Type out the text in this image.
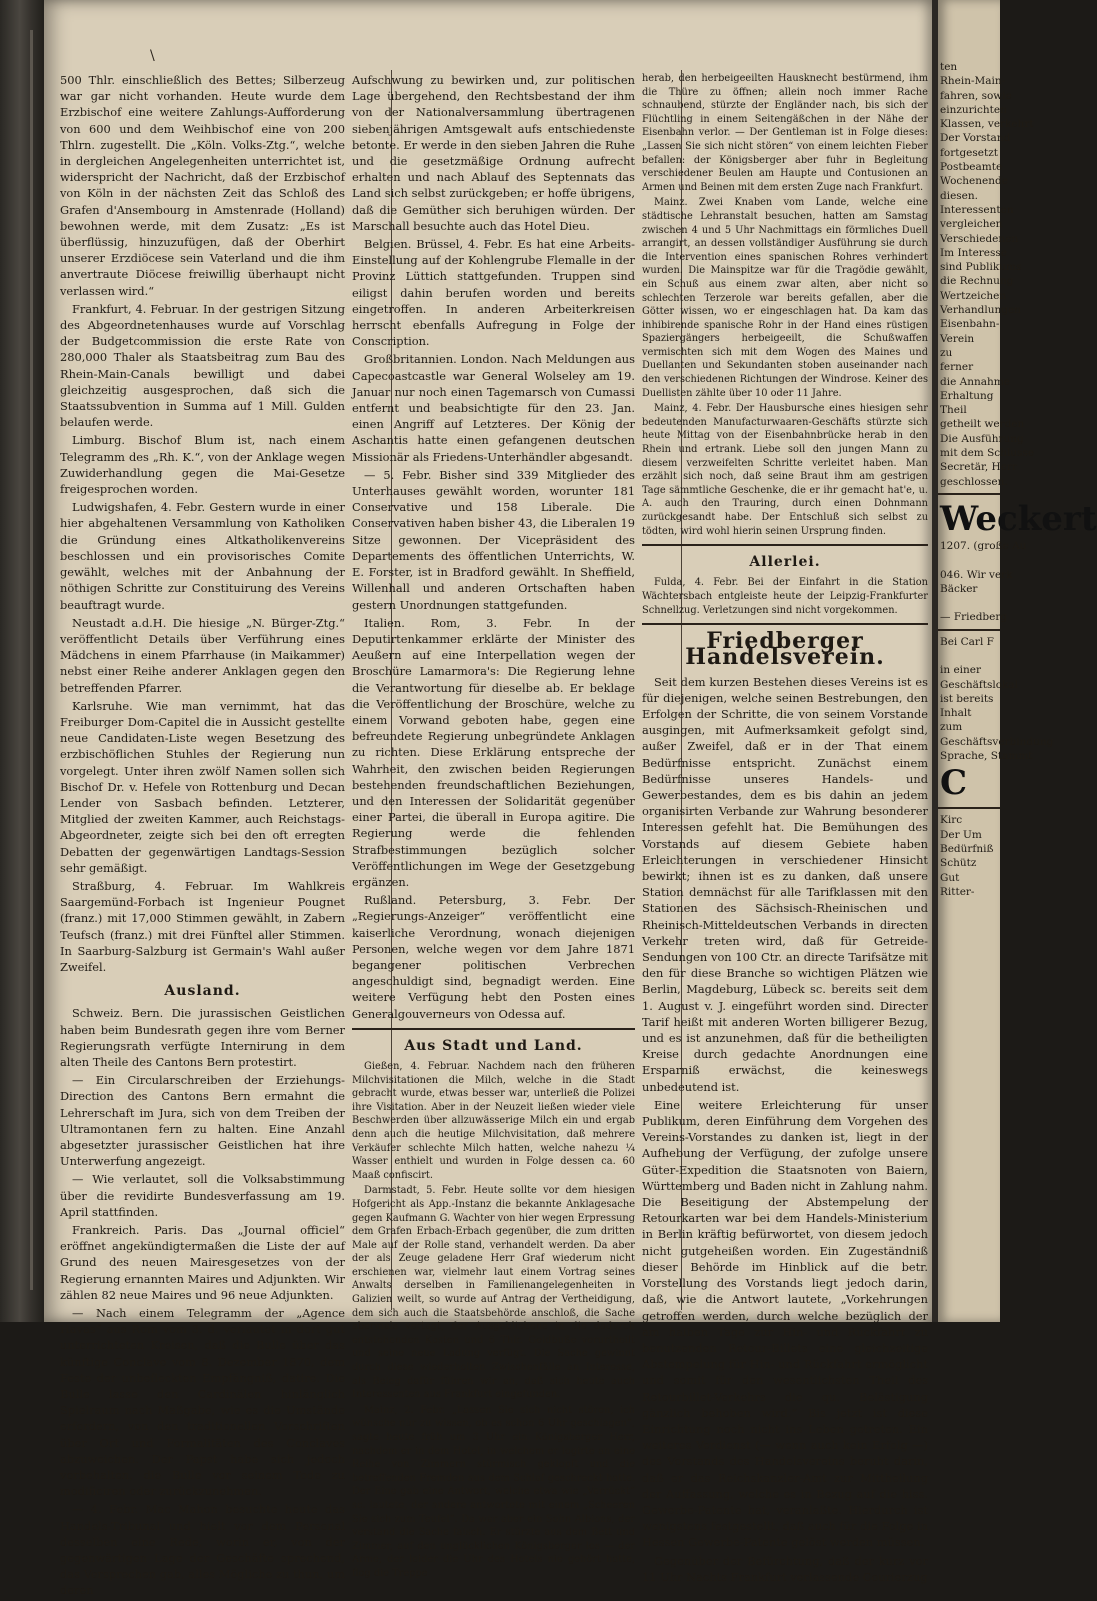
\

500 Thlr. einschließlich des Bettes; Silberzeug war gar nicht vorhanden. Heute wurde dem Erzbischof eine weitere Zahlungs-Aufforderung von 600 und dem Weihbischof eine von 200 Thlrn. zugestellt. Die „Köln. Volks-Ztg.“, welche in dergleichen Angelegenheiten unterrichtet ist, widerspricht der Nachricht, daß der Erzbischof von Köln in der nächsten Zeit das Schloß des Grafen d'Ansembourg in Amstenrade (Holland) bewohnen werde, mit dem Zusatz: „Es ist überflüssig, hinzuzufügen, daß der Oberhirt unserer Erzdiöcese sein Vaterland und die ihm anvertraute Diöcese freiwillig überhaupt nicht verlassen wird.“

Frankfurt, 4. Februar. In der gestrigen Sitzung des Abgeordnetenhauses wurde auf Vorschlag der Budgetcommission die erste Rate von 280,000 Thaler als Staatsbeitrag zum Bau des Rhein-Main-Canals bewilligt und dabei gleichzeitig ausgesprochen, daß sich die Staatssubvention in Summa auf 1 Mill. Gulden belaufen werde.

Limburg. Bischof Blum ist, nach einem Telegramm des „Rh. K.“, von der Anklage wegen Zuwiderhandlung gegen die Mai-Gesetze freigesprochen worden.

Ludwigshafen, 4. Febr. Gestern wurde in einer hier abgehaltenen Versammlung von Katholiken die Gründung eines Altkatholikenvereins beschlossen und ein provisorisches Comite gewählt, welches mit der Anbahnung der nöthigen Schritte zur Constituirung des Vereins beauftragt wurde.

Neustadt a.d.H. Die hiesige „N. Bürger-Ztg.“ veröffentlicht Details über Verführung eines Mädchens in einem Pfarrhause (in Maikammer) nebst einer Reihe anderer Anklagen gegen den betreffenden Pfarrer.

Karlsruhe. Wie man vernimmt, hat das Freiburger Dom-Capitel die in Aussicht gestellte neue Candidaten-Liste wegen Besetzung des erzbischöflichen Stuhles der Regierung nun vorgelegt. Unter ihren zwölf Namen sollen sich Bischof Dr. v. Hefele von Rottenburg und Decan Lender von Sasbach befinden. Letzterer, Mitglied der zweiten Kammer, auch Reichstags-Abgeordneter, zeigte sich bei den oft erregten Debatten der gegenwärtigen Landtags-Session sehr gemäßigt.

Straßburg, 4. Februar. Im Wahlkreis Saargemünd-Forbach ist Ingenieur Pougnet (franz.) mit 17,000 Stimmen gewählt, in Zabern Teufsch (franz.) mit drei Fünftel aller Stimmen. In Saarburg-Salzburg ist Germain's Wahl außer Zweifel.

Ausland.

Schweiz. Bern. Die jurassischen Geistlichen haben beim Bundesrath gegen ihre vom Berner Regierungsrath verfügte Internirung in dem alten Theile des Cantons Bern protestirt.

— Ein Circularschreiben der Erziehungs-Direction des Cantons Bern ermahnt die Lehrerschaft im Jura, sich von dem Treiben der Ultramontanen fern zu halten. Eine Anzahl abgesetzter jurassischer Geistlichen hat ihre Unterwerfung angezeigt.

— Wie verlautet, soll die Volksabstimmung über die revidirte Bundesverfassung am 19. April stattfinden.

Frankreich. Paris. Das „Journal officiel“ eröffnet angekündigtermaßen die Liste der auf Grund des neuen Mairesgesetzes von der Regierung ernannten Maires und Adjunkten. Wir zählen 82 neue Maires und 96 neue Adjunkten.

— Nach einem Telegramm der „Agence Havas“ aus Rom vom 3. d. verlautet in dort gut unterrichteten Kreisen, daß die Bulle über das künftige Conclave vom 8. Dezember 1870, dem Feste der unbefleckten Empfängniß, datire. Die Bulle lasse den Cardinälen hinlänglich Spielraum nach Maßgabe, wie es die Umstände erfordern, von den traditionellen Vorschriften über Ort und Formalitäten des Conclaves abzuweichen. Der Papst habe sich jedoch vorbehalten, die Bulle vor seinem Tode zu modificiren oder zurückzunehmen.

— 4. Febr. Mac Mahon besuchte heute das Handels-Tribunal und hielt vor dem Personal desselben eine Rede, worin er, von der gegenwärtigen Lage der Geschäfte sprechend, das Versprechen gab, alles Mögliche zu thun, um deren

Aufschwung zu bewirken und, zur politischen Lage übergehend, den Rechtsbestand der ihm von der Nationalversammlung übertragenen siebenjährigen Amtsgewalt aufs entschiedenste betonte. Er werde in den sieben Jahren die Ruhe und die gesetzmäßige Ordnung aufrecht erhalten und nach Ablauf des Septennats das Land sich selbst zurückgeben; er hoffe übrigens, daß die Gemüther sich beruhigen würden. Der Marschall besuchte auch das Hotel Dieu.

Belgien. Brüssel, 4. Febr. Es hat eine Arbeits-Einstellung auf der Kohlengrube Flemalle in der Provinz Lüttich stattgefunden. Truppen sind eiligst dahin berufen worden und bereits eingetroffen. In anderen Arbeiterkreisen herrscht ebenfalls Aufregung in Folge der Conscription.

Großbritannien. London. Nach Meldungen aus Capecoastcastle war General Wolseley am 19. Januar nur noch einen Tagemarsch von Cumassi entfernt und beabsichtigte für den 23. Jan. einen Angriff auf Letzteres. Der König der Aschantis hatte einen gefangenen deutschen Missionär als Friedens-Unterhändler abgesandt.

— 5. Febr. Bisher sind 339 Mitglieder des Unterhauses gewählt worden, worunter 181 Conservative und 158 Liberale. Die Conservativen haben bisher 43, die Liberalen 19 Sitze gewonnen. Der Vicepräsident des Departements des öffentlichen Unterrichts, W. E. Forster, ist in Bradford gewählt. In Sheffield, Willenhall und anderen Ortschaften haben gestern Unordnungen stattgefunden.

Italien. Rom, 3. Febr. In der Deputirtenkammer erklärte der Minister des Aeußern auf eine Interpellation wegen der Broschüre Lamarmora's: Die Regierung lehne die Verantwortung für dieselbe ab. Er beklage die Veröffentlichung der Broschüre, welche zu einem Vorwand geboten habe, gegen eine befreundete Regierung unbegründete Anklagen zu richten. Diese Erklärung entspreche der Wahrheit, den zwischen beiden Regierungen bestehenden freundschaftlichen Beziehungen, und den Interessen der Solidarität gegenüber einer Partei, die überall in Europa agitire. Die Regierung werde die fehlenden Strafbestimmungen bezüglich solcher Veröffentlichungen im Wege der Gesetzgebung ergänzen.

Rußland. Petersburg, 3. Febr. Der „Regierungs-Anzeiger“ veröffentlicht eine kaiserliche Verordnung, wonach diejenigen Personen, welche wegen vor dem Jahre 1871 begangener politischen Verbrechen angeschuldigt sind, begnadigt werden. Eine weitere Verfügung hebt den Posten eines Generalgouverneurs von Odessa auf.

Aus Stadt und Land.

Gießen, 4. Februar. Nachdem nach den früheren Milchvisitationen die Milch, welche in die Stadt gebracht wurde, etwas besser war, unterließ die Polizei ihre Visitation. Aber in der Neuzeit ließen wieder viele Beschwerden über allzuwässerige Milch ein und ergab denn auch die heutige Milchvisitation, daß mehrere Verkäufer schlechte Milch hatten, welche nahezu ¼ Wasser enthielt und wurden in Folge dessen ca. 60 Maaß confiscirt.

Darmstadt, 5. Febr. Heute sollte vor dem hiesigen Hofgericht als App.-Instanz die bekannte Anklagesache gegen Kaufmann G. Wachter von hier wegen Erpressung dem Grafen Erbach-Erbach gegenüber, die zum dritten Male auf der Rolle stand, verhandelt werden. Da aber der als Zeuge geladene Herr Graf wiederum nicht erschienen war, vielmehr laut einem Vortrag seines Anwalts derselben in Familienangelegenheiten in Galizien weilt, so wurde auf Antrag der Vertheidigung, dem sich auch die Staatsbehörde anschloß, die Sache abermals vertagt, der Ausgebliebene in die dadurch entstehenden Kosten und 6 Thlr. Geldbuße verurtheilt und seine neue Ladung verfügt. Die Sache gewinnt durch diese wiederholten Zwischenfälle an Interesse, als Beleg dafür führen wir an, daß sich heute auch Interessenten aus Frankfurt eingefunden.

Mainz, 2. Febr. „Lassen Sie sich nicht stören, ich wünsche nur zu wissen, ob es schon 6 Uhr geschlagen“, sagte heute früh um 3 Uhr ein Königsberger Herr, nachdem er in dem Hotel, in welchem er logirte an eine Reihe von Zimmern stürmisch geklopft und die betreffenden Fremden aus dem Schlaf geschreckt hatte. Der Eine gab eine Antwort, welche etwa wie „Verrückt“ sc. lautete, der andere antwortete mit einem „Scheeren Sie sich zum Teufel“. Da war aber ein Sohn Albions, der verstand die Sache falsch. Er stürzte aus dem Bett und Zimmer, auf den unglücklichen Königsberger los — der Arme, der leider die Uhr des Hotels nie gehört hatte, flog die Treppe

herab, den herbeigeeilten Hausknecht bestürmend, ihm die Thüre zu öffnen; allein noch immer Rache schnaubend, stürzte der Engländer nach, bis sich der Flüchtling in einem Seitengäßchen in der Nähe der Eisenbahn verlor. — Der Gentleman ist in Folge dieses: „Lassen Sie sich nicht stören“ von einem leichten Fieber befallen: der Königsberger aber fuhr in Begleitung verschiedener Beulen am Haupte und Contusionen an Armen und Beinen mit dem ersten Zuge nach Frankfurt.

Mainz. Zwei Knaben vom Lande, welche eine städtische Lehranstalt besuchen, hatten am Samstag zwischen 4 und 5 Uhr Nachmittags ein förmliches Duell arrangirt, an dessen vollständiger Ausführung sie durch die Intervention eines spanischen Rohres verhindert wurden. Die Mainspitze war für die Tragödie gewählt, ein Schuß aus einem zwar alten, aber nicht so schlechten Terzerole war bereits gefallen, aber die Götter wissen, wo er eingeschlagen hat. Da kam das inhibirende spanische Rohr in der Hand eines rüstigen Spaziergängers herbeigeeilt, die Schußwaffen vermischten sich mit dem Wogen des Maines und Duellanten und Sekundanten stoben auseinander nach den verschiedenen Richtungen der Windrose. Keiner des Duellisten zählte über 10 oder 11 Jahre.

Mainz, 4. Febr. Der Hausbursche eines hiesigen sehr bedeutenden Manufacturwaaren-Geschäfts stürzte sich heute Mittag von der Eisenbahnbrücke herab in den Rhein und ertrank. Liebe soll den jungen Mann zu diesem verzweifelten Schritte verleitet haben. Man erzählt sich noch, daß seine Braut ihm am gestrigen Tage sämmtliche Geschenke, die er ihr gemacht hat'e, u. A. auch den Trauring, durch einen Dohnmann zurückgesandt habe. Der Entschluß sich selbst zu tödten, wird wohl hierin seinen Ursprung finden.

Allerlei.

Fulda, 4. Febr. Bei der Einfahrt in die Station Wächtersbach entgleiste heute der Leipzig-Frankfurter Schnellzug. Verletzungen sind nicht vorgekommen.

Friedberger Handelsverein.

Seit dem kurzen Bestehen dieses Vereins ist es für diejenigen, welche seinen Bestrebungen, den Erfolgen der Schritte, die von seinem Vorstande ausgingen, mit Aufmerksamkeit gefolgt sind, außer Zweifel, daß er in der That einem Bedürfnisse entspricht. Zunächst einem Bedürfnisse unseres Handels- und Gewerbestandes, dem es bis dahin an jedem organisirten Verbande zur Wahrung besonderer Interessen gefehlt hat. Die Bemühungen des Vorstands auf diesem Gebiete haben Erleichterungen in verschiedener Hinsicht bewirkt; ihnen ist es zu danken, daß unsere Station demnächst für alle Tarifklassen mit den Stationen des Sächsisch-Rheinischen und Rheinisch-Mitteldeutschen Verbands in directen Verkehr treten wird, daß für Getreide-Sendungen von 100 Ctr. an directe Tarifsätze mit den für diese Branche so wichtigen Plätzen wie Berlin, Magdeburg, Lübeck sc. bereits seit dem 1. August v. J. eingeführt worden sind. Directer Tarif heißt mit anderen Worten billigerer Bezug, und es ist anzunehmen, daß für die betheiligten Kreise durch gedachte Anordnungen eine Ersparniß erwächst, die keineswegs unbedeutend ist.

Eine weitere Erleichterung für unser Publikum, deren Einführung dem Vorgehen des Vereins-Vorstandes zu danken ist, liegt in der Aufhebung der Verfügung, der zufolge unsere Güter-Expedition die Staatsnoten von Baiern, Württemberg und Baden nicht in Zahlung nahm. Die Beseitigung der Abstempelung der Retourkarten war bei dem Handels-Ministerium in Berlin kräftig befürwortet, von diesem jedoch nicht gutgeheißen worden. Ein Zugeständniß dieser Behörde im Hinblick auf die betr. Vorstellung des Vorstands liegt jedoch darin, daß, wie die Antwort lautete, „Vorkehrungen getroffen werden, durch welche bezüglich der am halben Tage zur Hin- und Rückfahrt zu benutzenden Retour-Billets eine gleichzeitige Abstempelung für Hin- und Rückfahrt ermöglicht und somit für den wesentlichsten Theil des Retourbillet-Verkehrs die qu. Belästigung gänzlich behoben wird.“ Bis jetzt ist diese Einrichtung noch nicht ins Leben getreten. Ein weiteres Verdienst (— wenn auch kein Erfolg —) des Vorstands des Handelsvereins beruht darin, daß er das Reichskanzler-Amt zur Mittheilung der Auffassung, welche es in Bezug auf die hiss. Gewerbe-Patente hat, veranlaßte. Hierdurch ist wenigstens festgestellt, daß auch für die Folge in Hessen Gewerbe-Patente gelöst werden müssen.

Gegenüber der Befürchtung, daß der kurz vor 11 Uhr Nachts Frankfurt verlassende Courierzug

ten
Rhein-Main-
fahren, sowie
einzurichten
Klassen, verkehrt
Der Vorstand
fortgesetzt
Postbeamte
Wochenende
diesen.
Interessenten
vergleichen
Verschiedenen
Im Interesse
sind Publikums
die Rechnung
Wertzeichen
Verhandlungen
Eisenbahn-
Verein
zu
ferner
die Annahme
Erhaltung
Theil
getheilt werden
Die Ausführung
mit dem Schlusse
Secretär, Herr
geschlossen.
Weckert
1207. (große Au

046. Wir verk
Bäcker

— Friedberg
Bei Carl F

in einer
Geschäftslokal
ist bereits
Inhalt
zum
Geschäftsverbindung
Sprache, Stammt
C
Kirc
Der Um
Bedürfniß
Schütz
Gut
Ritter-
